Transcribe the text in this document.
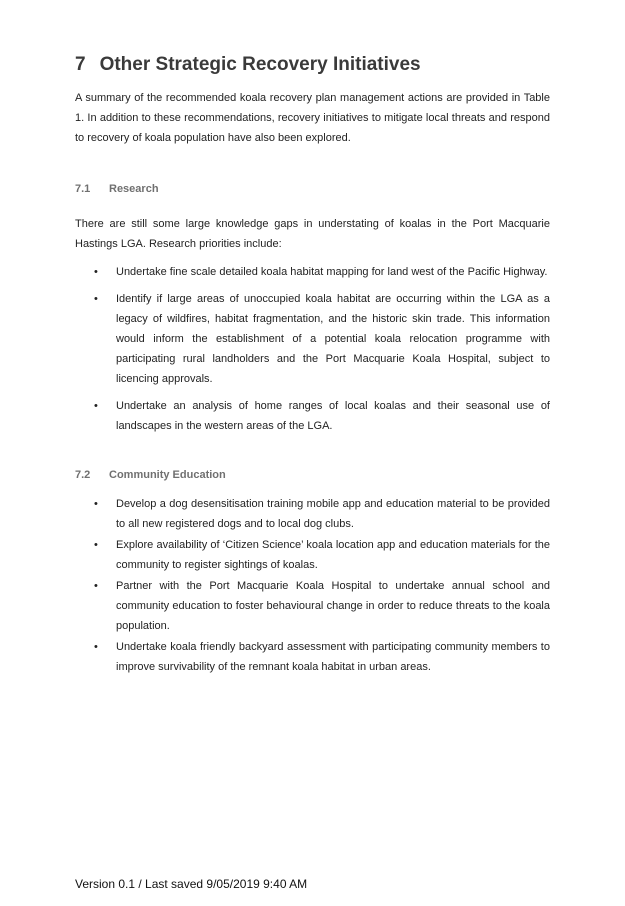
7 Other Strategic Recovery Initiatives

A summary of the recommended koala recovery plan management actions are provided in Table 1. In addition to these recommendations, recovery initiatives to mitigate local threats and respond to recovery of koala population have also been explored.

7.1	Research

There are still some large knowledge gaps in understating of koalas in the Port Macquarie Hastings LGA. Research priorities include:

• Undertake fine scale detailed koala habitat mapping for land west of the Pacific Highway.
• Identify if large areas of unoccupied koala habitat are occurring within the LGA as a legacy of wildfires, habitat fragmentation, and the historic skin trade. This information would inform the establishment of a potential koala relocation programme with participating rural landholders and the Port Macquarie Koala Hospital, subject to licencing approvals.
• Undertake an analysis of home ranges of local koalas and their seasonal use of landscapes in the western areas of the LGA.
7.2	Community Education
• Develop a dog desensitisation training mobile app and education material to be provided to all new registered dogs and to local dog clubs.
• Explore availability of ‘Citizen Science’ koala location app and education materials for the community to register sightings of koalas.
• Partner with the Port Macquarie Koala Hospital to undertake annual school and community education to foster behavioural change in order to reduce threats to the koala population.
• Undertake koala friendly backyard assessment with participating community members to improve survivability of the remnant koala habitat in urban areas.
Version 0.1 / Last saved 9/05/2019 9:40 AM
